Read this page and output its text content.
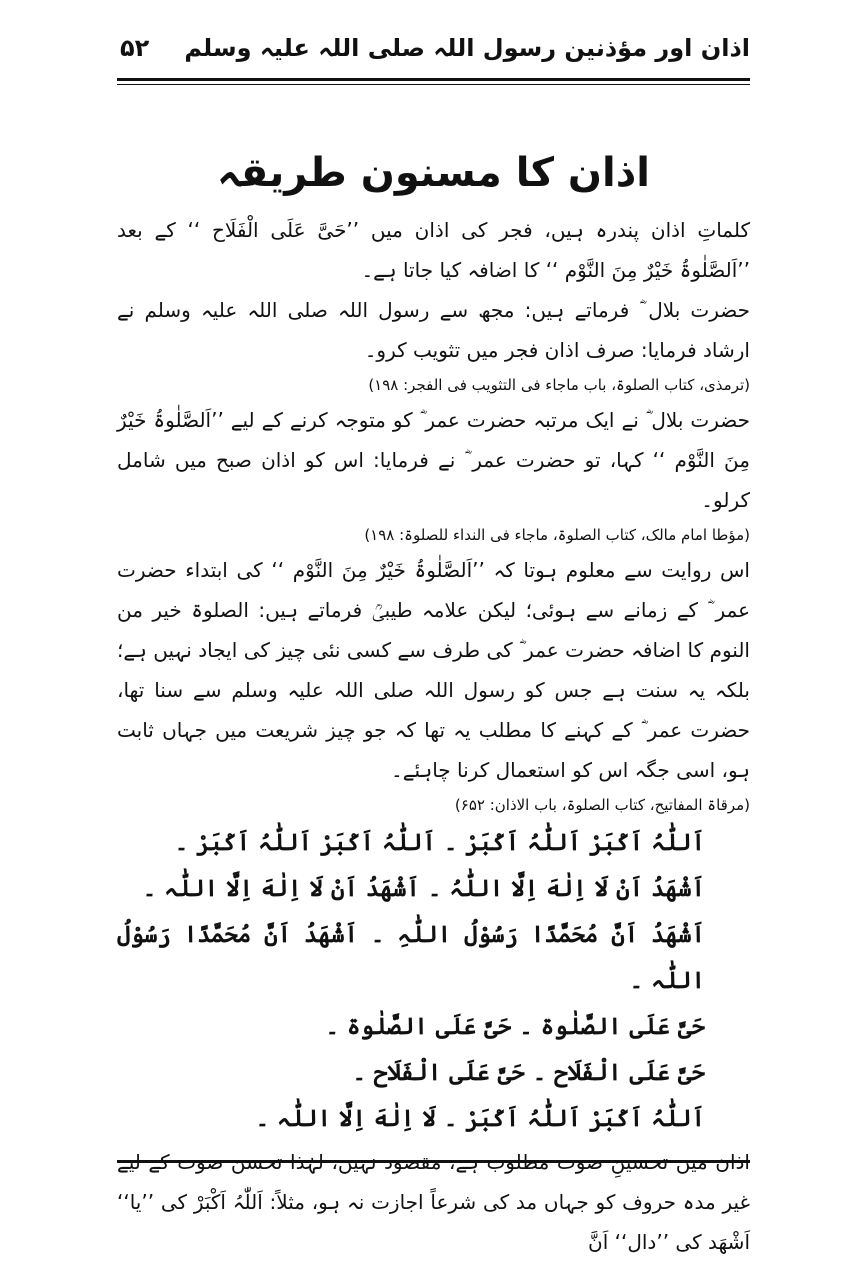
اذان اور مؤذنین رسول اللہ صلی اللہ علیہ وسلم
۵۲
اذان کا مسنون طریقہ

کلماتِ اذان پندرہ ہیں، فجر کی اذان میں ’’حَیَّ عَلَی الْفَلَاح ‘‘ کے بعد ’’اَلصَّلٰوۃُ خَیْرٌ مِنَ النَّوْم ‘‘ کا اضافہ کیا جاتا ہے۔

حضرت بلال ؓ فرماتے ہیں: مجھ سے رسول اللہ صلی اللہ علیہ وسلم نے ارشاد فرمایا: صرف اذان فجر میں تثویب کرو۔

(ترمذی، کتاب الصلوۃ، باب ماجاء فی التثویب فی الفجر: ۱۹۸)

حضرت بلال ؓ نے ایک مرتبہ حضرت عمر ؓ کو متوجہ کرنے کے لیے ’’اَلصَّلٰوۃُ خَیْرٌ مِنَ النَّوْم ‘‘ کہا، تو حضرت عمر ؓ نے فرمایا: اس کو اذان صبح میں شامل کرلو۔

(مؤطا امام مالک، کتاب الصلوۃ، ماجاء فی النداء للصلوۃ: ۱۹۸)

اس روایت سے معلوم ہوتا کہ ’’اَلصَّلٰوۃُ خَیْرٌ مِنَ النَّوْم ‘‘ کی ابتداء حضرت عمر ؓ کے زمانے سے ہوئی؛ لیکن علامہ طیبیؒ فرماتے ہیں: الصلوۃ خیر من النوم کا اضافہ حضرت عمر ؓ کی طرف سے کسی نئی چیز کی ایجاد نہیں ہے؛ بلکہ یہ سنت ہے جس کو رسول اللہ صلی اللہ علیہ وسلم سے سنا تھا، حضرت عمر ؓ کے کہنے کا مطلب یہ تھا کہ جو چیز شریعت میں جہاں ثابت ہو، اسی جگہ اس کو استعمال کرنا چاہئے۔

(مرقاۃ المفاتیح، کتاب الصلوۃ، باب الاذان: ۶۵۲)

اَللّٰہُ اَکْبَرْ اَللّٰہُ اَکْبَرْ ۔ اَللّٰہُ اَکْبَرْ اَللّٰہُ اَکْبَرْ ۔

اَشْهَدُ اَنْ لَا اِلٰهَ اِلَّا اللّٰہُ ۔ اَشْهَدُ اَنْ لَا اِلٰهَ اِلَّا اللّٰہ ۔

اَشْهَدُ اَنَّ مُحَمَّدًا رَسُوْلُ اللّٰہِ ۔ اَشْهَدُ اَنَّ مُحَمَّدًا رَسُوْلُ اللّٰہ ۔

حَیَّ عَلَی الصَّلٰوۃ ۔ حَیَّ عَلَی الصَّلٰوۃ ۔

حَیَّ عَلَی الْفَلَاح ۔ حَیَّ عَلَی الْفَلَاح ۔

اَللّٰہُ اَکْبَرْ اَللّٰہُ اَکْبَرْ ۔ لَا اِلٰهَ اِلَّا اللّٰہ ۔

اذان میں تحسینِ صوت مطلوب ہے، مقصود نہیں، لہٰذا تحسن صوت کے لیے غیر مدہ حروف کو جہاں مد کی شرعاً اجازت نہ ہو، مثلاً: اَللّٰہُ اَکْبَرْ کی ’’یا‘‘ اَشْهَد کی ’’دال‘‘ اَنَّ
